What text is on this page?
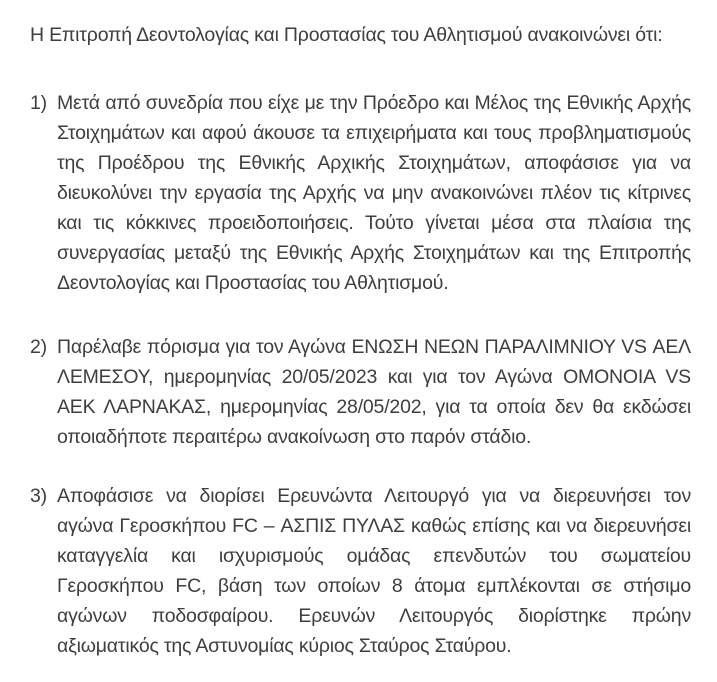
Η Επιτροπή Δεοντολογίας και Προστασίας του Αθλητισμού ανακοινώνει ότι:

1) Μετά από συνεδρία που είχε με την Πρόεδρο και Μέλος της Εθνικής Αρχής Στοιχημάτων και αφού άκουσε τα επιχειρήματα και τους προβληματισμούς της Προέδρου της Εθνικής Αρχικής Στοιχημάτων, αποφάσισε για να διευκολύνει την εργασία της Αρχής να μην ανακοινώνει πλέον τις κίτρινες και τις κόκκινες προειδοποιήσεις. Τούτο γίνεται μέσα στα πλαίσια της συνεργασίας μεταξύ της Εθνικής Αρχής Στοιχημάτων και της Επιτροπής Δεοντολογίας και Προστασίας του Αθλητισμού.
2) Παρέλαβε πόρισμα για τον Αγώνα ΕΝΩΣΗ ΝΕΩΝ ΠΑΡΑΛΙΜΝΙΟΥ VS ΑΕΛ ΛΕΜΕΣΟΥ, ημερομηνίας 20/05/2023 και για τον Αγώνα ΟΜΟΝΟΙΑ VS ΑΕΚ ΛΑΡΝΑΚΑΣ, ημερομηνίας 28/05/202, για τα οποία δεν θα εκδώσει οποιαδήποτε περαιτέρω ανακοίνωση στο παρόν στάδιο.
3) Αποφάσισε να διορίσει Ερευνώντα Λειτουργό για να διερευνήσει τον αγώνα Γεροσκήπου FC – ΑΣΠΙΣ ΠΥΛΑΣ καθώς επίσης και να διερευνήσει καταγγελία και ισχυρισμούς ομάδας επενδυτών του σωματείου Γεροσκήπου FC, βάση των οποίων 8 άτομα εμπλέκονται σε στήσιμο αγώνων ποδοσφαίρου. Ερευνών Λειτουργός διορίστηκε πρώην αξιωματικός της Αστυνομίας κύριος Σταύρος Σταύρου.
